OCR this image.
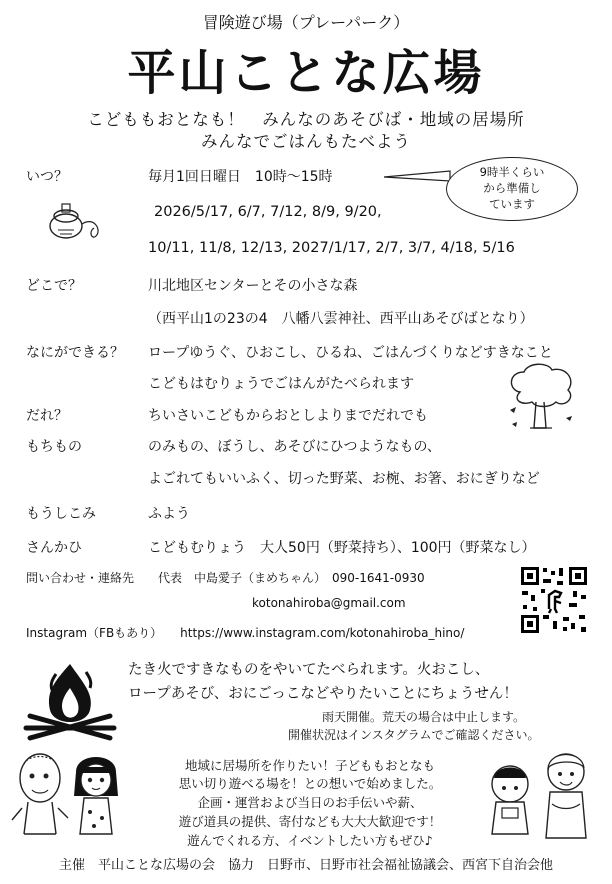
冒険遊び場（プレーパーク）
平山ことな広場
こどももおとなも！　みんなのあそびば・地域の居場所
みんなでごはんもたべよう
9時半くらい
から準備し
ています
いつ？	毎月1回日曜日　10時～15時
2026/5/17, 6/7, 7/12, 8/9, 9/20,
10/11, 11/8, 12/13, 2027/1/17, 2/7, 3/7, 4/18, 5/16
どこで？	川北地区センターとその小さな森
（西平山1の23の4　八幡八雲神社、西平山あそびばとなり）
なにができる？ ロープゆうぐ、ひおこし、ひるね、ごはんづくりなどすきなこと
こどもはむりょうでごはんがたべられます
だれ？	ちいさいこどもからおとしよりまでだれでも
もちもの	のみもの、ぼうし、あそびにひつようなもの、
よごれてもいいふく、切った野菜、お椀、お箸、おにぎりなど
もうしこみ	ふよう
さんかひ	こどもむりょう　大人50円（野菜持ち）、100円（野菜なし）
問い合わせ・連絡先　　代表　中島愛子（まめちゃん）　090-1641-0930
kotonahiroba@gmail.com
Instagram（FBもあり）　　https://www.instagram.com/kotonahiroba_hino/
たき火ですきなものをやいてたべられます。火おこし、
ロープあそび、おにごっこなどやりたいことにちょうせん！
雨天開催。荒天の場合は中止します。
開催状況はインスタグラムでご確認ください。
地域に居場所を作りたい！子どももおとなも
思い切り遊べる場を！との想いで始めました。
企画・運営および当日のお手伝いや薪、
遊び道具の提供、寄付なども大大大歓迎です！
遊んでくれる方、イベントしたい方もぜひ♪
主催　平山ことな広場の会　協力　日野市、日野市社会福祉協議会、西宮下自治会他
